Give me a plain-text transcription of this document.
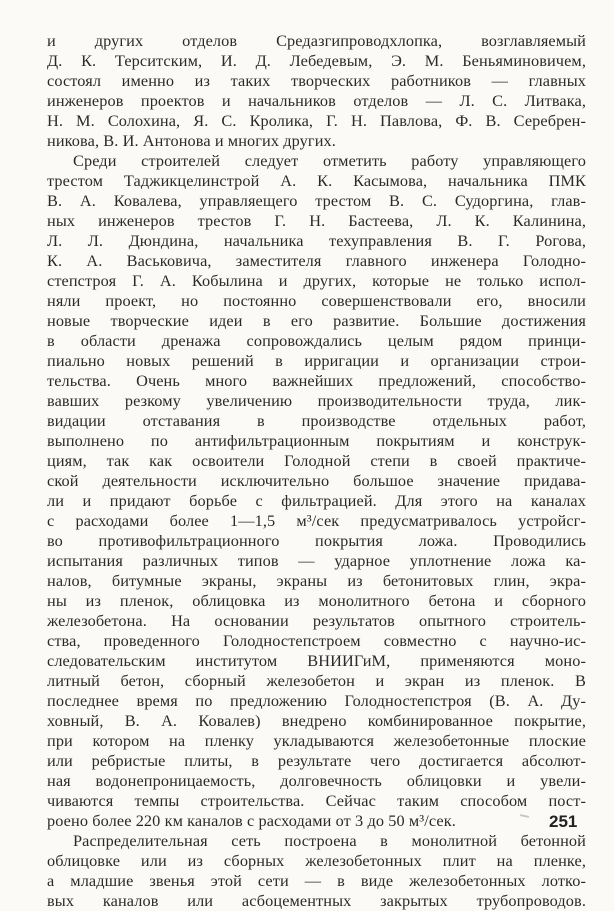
и других отделов Средазгипроводхлопка, возглавляемый
Д. К. Терситским, И. Д. Лебедевым, Э. М. Беньяминовичем,
состоял именно из таких творческих работников — главных
инженеров проектов и начальников отделов — Л. С. Литвака,
Н. М. Солохина, Я. С. Кролика, Г. Н. Павлова, Ф. В. Серебрен-
никова, В. И. Антонова и многих других.
Среди строителей следует отметить работу управляющего
трестом Таджикцелинстрой А. К. Касымова, начальника ПМК
В. А. Ковалева, управляещего трестом В. С. Судоргина, глав-
ных инженеров трестов Г. Н. Бастеева, Л. К. Калинина,
Л. Л. Дюндина, начальника техуправления В. Г. Рогова,
К. А. Васьковича, заместителя главного инженера Голодно-
степстроя Г. А. Кобылина и других, которые не только испол-
няли проект, но постоянно совершенствовали его, вносили
новые творческие идеи в его развитие. Большие достижения
в области дренажа сопровождались целым рядом принци-
пиально новых решений в ирригации и организации строи-
тельства. Очень много важнейших предложений, способство-
вавших резкому увеличению производительности труда, лик-
видации отставания в производстве отдельных работ,
выполнено по антифильтрационным покрытиям и конструк-
циям, так как освоители Голодной степи в своей практиче-
ской деятельности исключительно большое значение придава-
ли и придают борьбе с фильтрацией. Для этого на каналах
с расходами более 1—1,5 м³/сек предусматривалось устройсг-
во противофильтрационного покрытия ложа. Проводились
испытания различных типов — ударное уплотнение ложа ка-
налов, битумные экраны, экраны из бетонитовых глин, экра-
ны из пленок, облицовка из монолитного бетона и сборного
железобетона. На основании результатов опытного строитель-
ства, проведенного Голодностепстроем совместно с научно-ис-
следовательским институтом ВНИИГиМ, применяются моно-
литный бетон, сборный железобетон и экран из пленок. В
последнее время по предложению Голодностепстроя (В. А. Ду-
ховный, В. А. Ковалев) внедрено комбинированное покрытие,
при котором на пленку укладываются железобетонные плоские
или ребристые плиты, в результате чего достигается абсолют-
ная водонепроницаемость, долговечность облицовки и увели-
чиваются темпы строительства. Сейчас таким способом пост-
роено более 220 км каналов с расходами от 3 до 50 м³/сек.
Распределительная сеть построена в монолитной бетонной
облицовке или из сборных железобетонных плит на пленке,
а младшие звенья этой сети — в виде железобетонных лотко-
вых каналов или асбоцементных закрытых трубопроводов.
251
